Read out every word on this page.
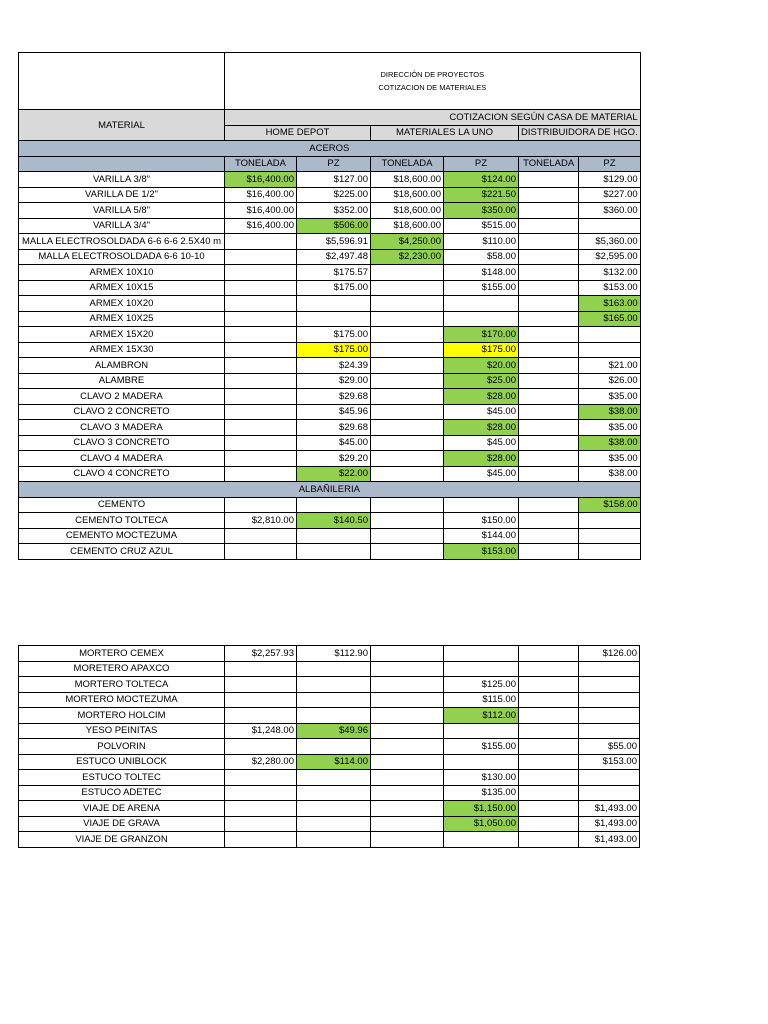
	DIRECCIÓN DE PROYECTOS
COTIZACION DE MATERIALES					

MATERIAL	COTIZACION SEGÚN CASA DE MATERIAL					
	HOME DEPOT		MATERIALES LA UNO		DISTRIBUIDORA DE HGO.	
ACEROS						
	TONELADA	PZ	TONELADA	PZ	TONELADA	PZ
VARILLA 3/8"	$16,400.00	$127.00	$18,600.00	$124.00		$129.00
VARILLA DE 1/2"	$16,400.00	$225.00	$18,600.00	$221.50		$227.00
VARILLA 5/8"	$16,400.00	$352.00	$18,600.00	$350.00		$360.00
VARILLA 3/4"	$16,400.00	$506.00	$18,600.00	$515.00		
MALLA ELECTROSOLDADA 6-6 6-6 2.5X40 m		$5,596.91	$4,250.00	$110.00		$5,360.00
MALLA ELECTROSOLDADA 6-6 10-10		$2,497.48	$2,230.00	$58.00		$2,595.00
ARMEX 10X10		$175.57		$148.00		$132.00
ARMEX 10X15		$175.00		$155.00		$153.00
ARMEX 10X20						$163.00
ARMEX 10X25						$165.00
ARMEX 15X20		$175.00		$170.00		
ARMEX 15X30		$175.00		$175.00		
ALAMBRON		$24.39		$20.00		$21.00
ALAMBRE		$29.00		$25.00		$26.00
CLAVO 2 MADERA		$29.68		$28.00		$35.00
CLAVO 2 CONCRETO		$45.96		$45.00		$38.00
CLAVO 3 MADERA		$29.68		$28.00		$35.00
CLAVO 3 CONCRETO		$45.00		$45.00		$38.00
CLAVO 4 MADERA		$29.20		$28.00		$35.00
CLAVO 4 CONCRETO		$22.00		$45.00		$38.00
ALBAÑILERIA						
CEMENTO						$158.00
CEMENTO TOLTECA	$2,810.00	$140.50		$150.00		
CEMENTO MOCTEZUMA				$144.00		
CEMENTO CRUZ AZUL				$153.00		
MORTERO CEMEX	$2,257.93	$112.90				$126.00
MORETERO APAXCO						
MORTERO TOLTECA				$125.00		
MORTERO MOCTEZUMA				$115.00		
MORTERO HOLCIM				$112.00		
YESO PEINITAS	$1,248.00	$49.96				
POLVORIN				$155.00		$55.00
ESTUCO UNIBLOCK	$2,280.00	$114.00				$153.00
ESTUCO TOLTEC				$130.00		
ESTUCO ADETEC				$135.00		
VIAJE DE ARENA				$1,150.00		$1,493.00
VIAJE DE GRAVA				$1,050.00		$1,493.00
VIAJE DE GRANZON						$1,493.00
